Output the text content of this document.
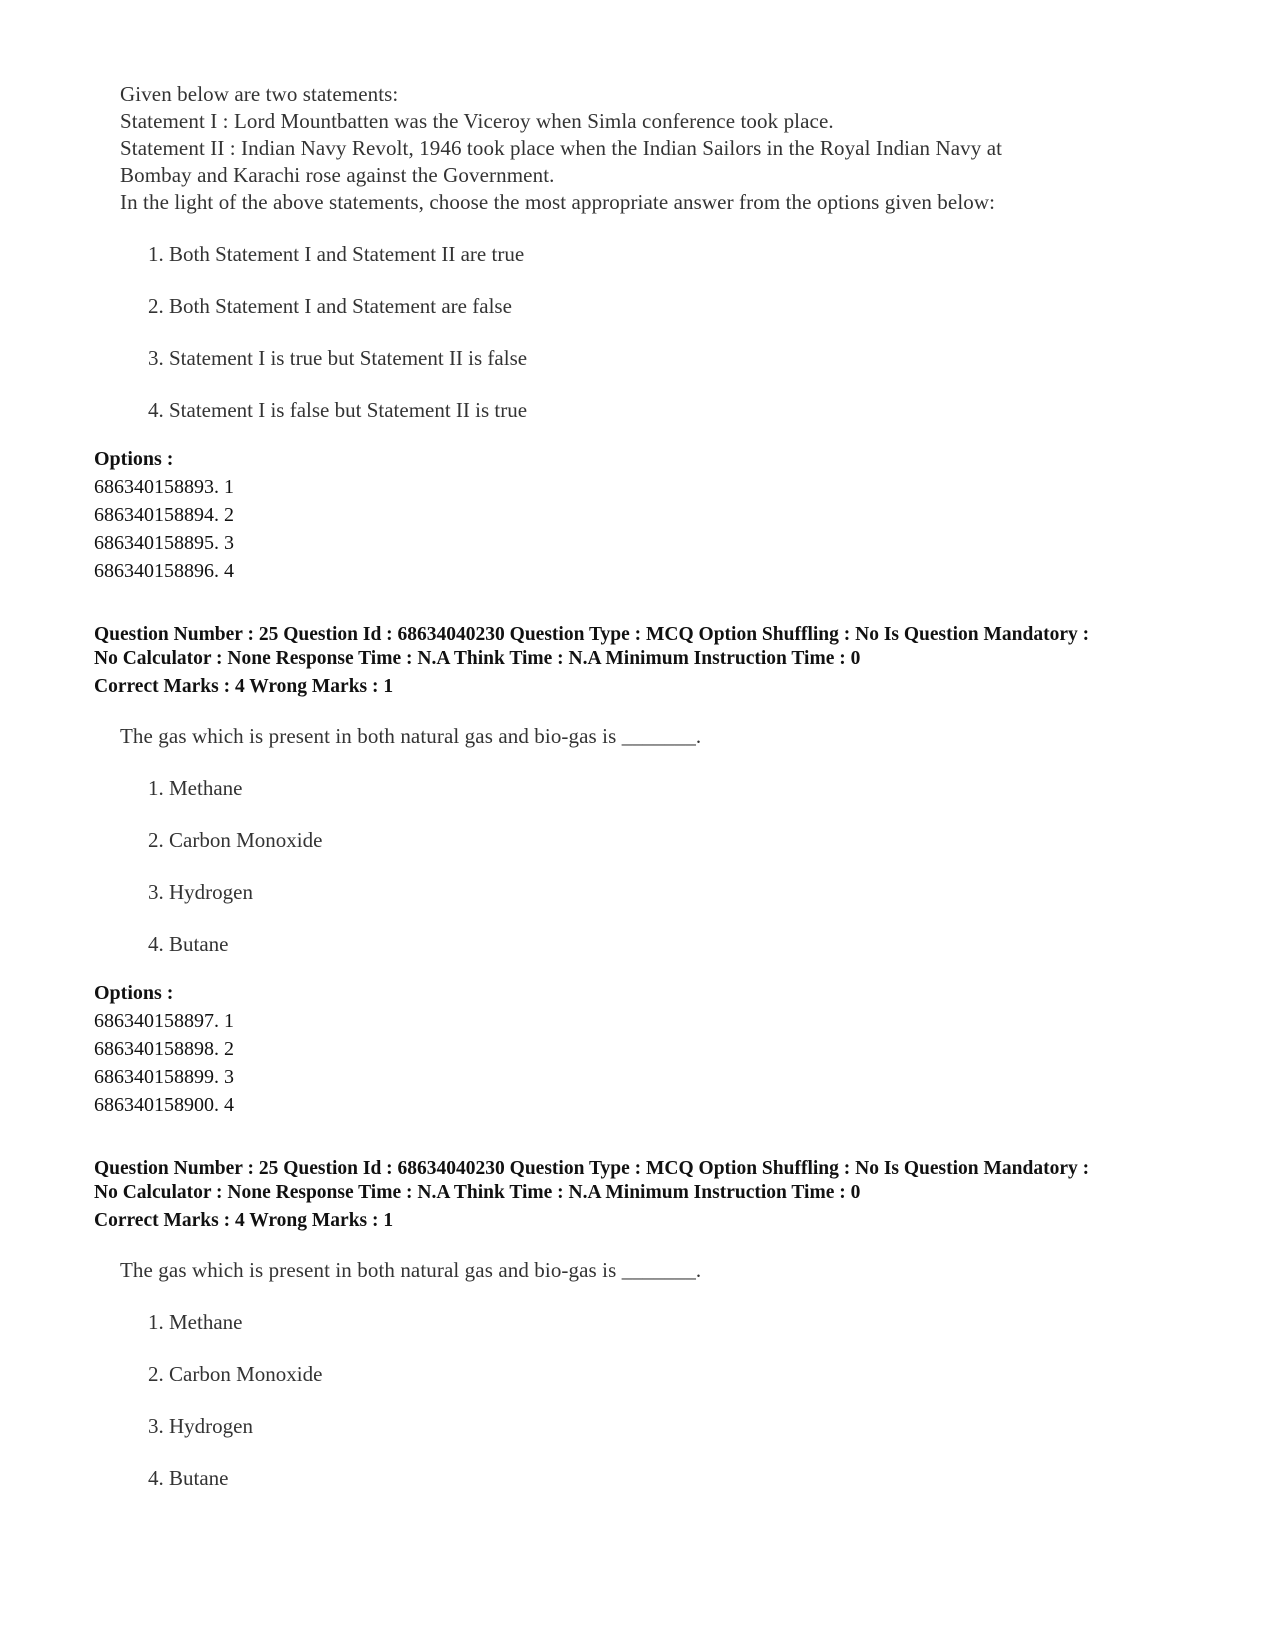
Given below are two statements:
Statement I : Lord Mountbatten was the Viceroy when Simla conference took place.
Statement II : Indian Navy Revolt, 1946 took place when the Indian Sailors in the Royal Indian Navy at
Bombay and Karachi rose against the Government.
In the light of the above statements, choose the most appropriate answer from the options given below:
1. Both Statement I and Statement II are true
2. Both Statement I and Statement are false
3. Statement I is true but Statement II is false
4. Statement I is false but Statement II is true
Options :
686340158893. 1
686340158894. 2
686340158895. 3
686340158896. 4
Question Number : 25 Question Id : 68634040230 Question Type : MCQ Option Shuffling : No Is Question Mandatory :
No Calculator : None Response Time : N.A Think Time : N.A Minimum Instruction Time : 0
Correct Marks : 4 Wrong Marks : 1
The gas which is present in both natural gas and bio-gas is _______.
1. Methane
2. Carbon Monoxide
3. Hydrogen
4. Butane
Options :
686340158897. 1
686340158898. 2
686340158899. 3
686340158900. 4
Question Number : 25 Question Id : 68634040230 Question Type : MCQ Option Shuffling : No Is Question Mandatory :
No Calculator : None Response Time : N.A Think Time : N.A Minimum Instruction Time : 0
Correct Marks : 4 Wrong Marks : 1
The gas which is present in both natural gas and bio-gas is _______.
1. Methane
2. Carbon Monoxide
3. Hydrogen
4. Butane
